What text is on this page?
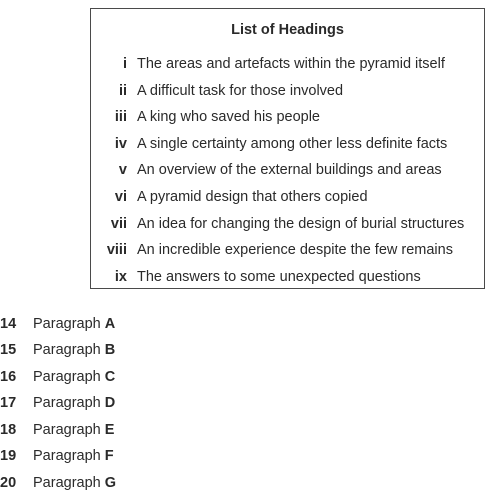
List of Headings
i The areas and artefacts within the pyramid itself
ii A difficult task for those involved
iii A king who saved his people
iv A single certainty among other less definite facts
v An overview of the external buildings and areas
vi A pyramid design that others copied
vii An idea for changing the design of burial structures
viii An incredible experience despite the few remains
ix The answers to some unexpected questions
14 Paragraph A
15 Paragraph B
16 Paragraph C
17 Paragraph D
18 Paragraph E
19 Paragraph F
20 Paragraph G
